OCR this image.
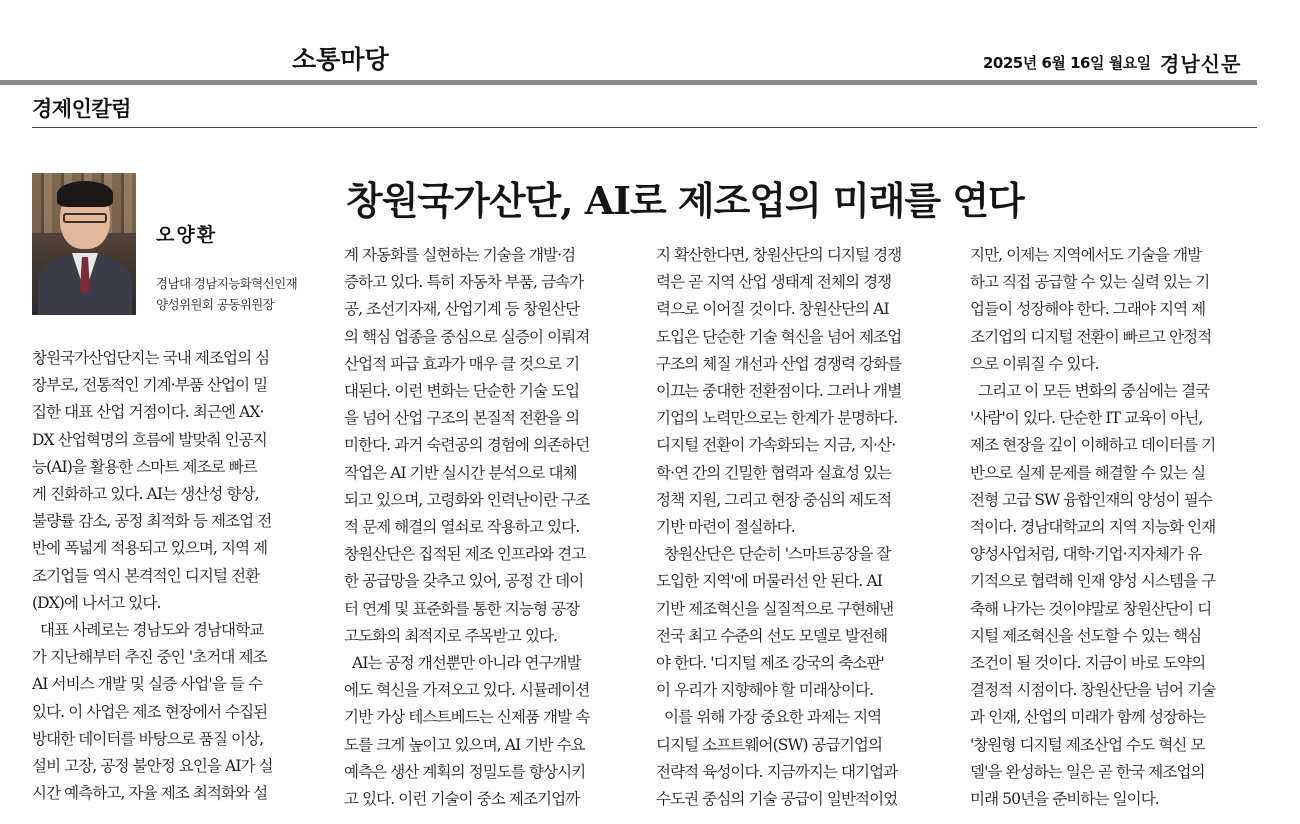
소통마당	2025년 6월 16일 월요일 경남신문
경제인칼럼
창원국가산단, AI로 제조업의 미래를 연다
오양환
경남대 경남지능화혁신인재
양성위원회 공동위원장
창원국가산업단지는 국내 제조업의 심
장부로, 전통적인 기계·부품 산업이 밀
집한 대표 산업 거점이다. 최근엔 AX·
DX 산업혁명의 흐름에 발맞춰 인공지
능(AI)을 활용한 스마트 제조로 빠르
게 진화하고 있다. AI는 생산성 향상,
불량률 감소, 공정 최적화 등 제조업 전
반에 폭넓게 적용되고 있으며, 지역 제
조기업들 역시 본격적인 디지털 전환
(DX)에 나서고 있다.
대표 사례로는 경남도와 경남대학교
가 지난해부터 추진 중인 '초거대 제조
AI 서비스 개발 및 실증 사업'을 들 수
있다. 이 사업은 제조 현장에서 수집된
방대한 데이터를 바탕으로 품질 이상,
설비 고장, 공정 불안정 요인을 AI가 실
시간 예측하고, 자율 제조 최적화와 설
계 자동화를 실현하는 기술을 개발·검
증하고 있다. 특히 자동차 부품, 금속가
공, 조선기자재, 산업기계 등 창원산단
의 핵심 업종을 중심으로 실증이 이뤄져
산업적 파급 효과가 매우 클 것으로 기
대된다. 이런 변화는 단순한 기술 도입
을 넘어 산업 구조의 본질적 전환을 의
미한다. 과거 숙련공의 경험에 의존하던
작업은 AI 기반 실시간 분석으로 대체
되고 있으며, 고령화와 인력난이란 구조
적 문제 해결의 열쇠로 작용하고 있다.
창원산단은 집적된 제조 인프라와 견고
한 공급망을 갖추고 있어, 공정 간 데이
터 연계 및 표준화를 통한 지능형 공장
고도화의 최적지로 주목받고 있다.
AI는 공정 개선뿐만 아니라 연구개발
에도 혁신을 가져오고 있다. 시뮬레이션
기반 가상 테스트베드는 신제품 개발 속
도를 크게 높이고 있으며, AI 기반 수요
예측은 생산 계획의 정밀도를 향상시키
고 있다. 이런 기술이 중소 제조기업까
지 확산한다면, 창원산단의 디지털 경쟁
력은 곧 지역 산업 생태계 전체의 경쟁
력으로 이어질 것이다. 창원산단의 AI
도입은 단순한 기술 혁신을 넘어 제조업
구조의 체질 개선과 산업 경쟁력 강화를
이끄는 중대한 전환점이다. 그러나 개별
기업의 노력만으로는 한계가 분명하다.
디지털 전환이 가속화되는 지금, 지·산·
학·연 간의 긴밀한 협력과 실효성 있는
정책 지원, 그리고 현장 중심의 제도적
기반 마련이 절실하다.
창원산단은 단순히 '스마트공장을 잘
도입한 지역'에 머물러선 안 된다. AI
기반 제조혁신을 실질적으로 구현해낸
전국 최고 수준의 선도 모델로 발전해
야 한다. '디지털 제조 강국의 축소판'
이 우리가 지향해야 할 미래상이다.
이를 위해 가장 중요한 과제는 지역
디지털 소프트웨어(SW) 공급기업의
전략적 육성이다. 지금까지는 대기업과
수도권 중심의 기술 공급이 일반적이었
지만, 이제는 지역에서도 기술을 개발
하고 직접 공급할 수 있는 실력 있는 기
업들이 성장해야 한다. 그래야 지역 제
조기업의 디지털 전환이 빠르고 안정적
으로 이뤄질 수 있다.
그리고 이 모든 변화의 중심에는 결국
'사람'이 있다. 단순한 IT 교육이 아닌,
제조 현장을 깊이 이해하고 데이터를 기
반으로 실제 문제를 해결할 수 있는 실
전형 고급 SW 융합인재의 양성이 필수
적이다. 경남대학교의 지역 지능화 인재
양성사업처럼, 대학·기업·지자체가 유
기적으로 협력해 인재 양성 시스템을 구
축해 나가는 것이야말로 창원산단이 디
지털 제조혁신을 선도할 수 있는 핵심
조건이 될 것이다. 지금이 바로 도약의
결정적 시점이다. 창원산단을 넘어 기술
과 인재, 산업의 미래가 함께 성장하는
'창원형 디지털 제조산업 수도 혁신 모
델'을 완성하는 일은 곧 한국 제조업의
미래 50년을 준비하는 일이다.
